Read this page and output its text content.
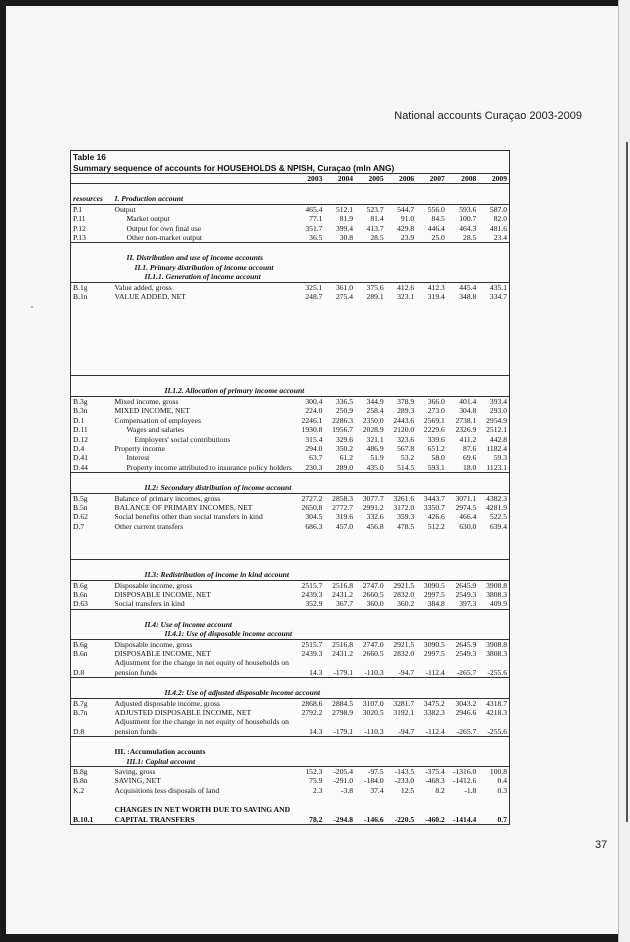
National accounts Curaçao 2003-2009
37
Table 16
Summary sequence of accounts for HOUSEHOLDS & NPISH, Curaçao (mln ANG)
		2003	2004	2005	2006	2007	2008	2009

resources	I. Production account							
P.1	Output	465.4	512.1	523.7	544.7	556.0	593.6	587.0
P.11	Market output	77.1	81.9	81.4	91.0	84.5	100.7	82.0
P.12	Output for own final use	351.7	399.4	413.7	429.8	446.4	464.3	481.6
P.13	Other non-market output	36.5	30.8	28.5	23.9	25.0	28.5	23.4

	II. Distribution and use of income accounts							
	II.1. Primary distribution of income account							
	II.1.1. Generation of income account							
B.1g	Value added, gross	325.1	361.0	375.6	412.6	412.3	445.4	435.1
B.1n	VALUE ADDED, NET	248.7	275.4	289.1	323.1	319.4	348.8	334.7

	II.1.2. Allocation of primary income account							
B.3g	Mixed income, gross	300.4	336.5	344.9	378.9	366.0	401.4	393.4
B.3n	MIXED INCOME, NET	224.0	250.9	258.4	289.3	273.0	304.8	293.0
D.1	Compensation of employees	2246.1	2286.3	2350.0	2443.6	2569.1	2738.1	2954.9
D.11	Wages and salaries	1930.8	1956.7	2028.9	2120.0	2229.6	2326.9	2512.1
D.12	Employers' social contributions	315.4	329.6	321.1	323.6	339.6	411.2	442.8
D.4	Property income	294.0	350.2	486.9	567.8	651.2	87.6	1182.4
D.41	Interest	63.7	61.2	51.9	53.2	58.0	69.6	59.3
D.44	Property income attributed to insurance policy holders	230.3	289.0	435.0	514.5	593.1	18.0	1123.1

	II.2: Secondary distribution of income account							
B.5g	Balance of primary incomes, gross	2727.2	2858.3	3077.7	3261.6	3443.7	3071.1	4382.3
B.5n	BALANCE OF PRIMARY INCOMES, NET	2650.8	2772.7	2991.2	3172.0	3350.7	2974.5	4281.9
D.62	Social benefits other than social transfers in kind	304.5	319.6	332.6	359.3	426.6	466.4	522.5
D.7	Other current transfers	686.3	457.0	456.8	478.5	512.2	630.0	639.4

	II.3: Redistribution of income in kind account							
B.6g	Disposable income, gross	2515.7	2516.8	2747.0	2921.5	3090.5	2645.9	3908.8
B.6n	DISPOSABLE INCOME, NET	2439.3	2431.2	2660.5	2832.0	2997.5	2549.3	3808.3
D.63	Social transfers in kind	352.9	367.7	360.0	360.2	384.8	397.3	409.9

	II.4: Use of income account							
	II.4.1: Use of disposable income account							
B.6g	Disposable income, gross	2515.7	2516.8	2747.0	2921.5	3090.5	2645.9	3908.8
B.6n	DISPOSABLE INCOME, NET	2439.3	2431.2	2660.5	2832.0	2997.5	2549.3	3808.3
	Adjustment for the change in net equity of households on							
D.8	pension funds	14.3	-179.1	-110.3	-94.7	-112.4	-265.7	-255.6

	II.4.2: Use of adjusted disposable income account							
B.7g	Adjusted disposable income, gross	2868.6	2884.5	3107.0	3281.7	3475.2	3043.2	4318.7
B.7n	ADJUSTED DISPOSABLE INCOME, NET	2792.2	2798.9	3020.5	3192.1	3382.3	2946.6	4218.3
	Adjustment for the change in net equity of households on							
D.8	pension funds	14.3	-179.1	-110.3	-94.7	-112.4	-265.7	-255.6

	III. :Accumulation accounts							
	III.1: Capital account							
B.8g	Saving, gross	152.3	-205.4	-97.5	-143.5	-375.4	-1316.0	100.8
B.8n	SAVING, NET	75.9	-291.0	-184.0	-233.0	-468.3	-1412.6	0.4
K.2	Acquisitions less disposals of land	2.3	-3.8	37.4	12.5	8.2	-1.8	0.3

	CHANGES IN NET WORTH DUE TO SAVING AND							
B.10.1	CAPITAL TRANSFERS	78.2	-294.8	-146.6	-220.5	-460.2	-1414.4	0.7
